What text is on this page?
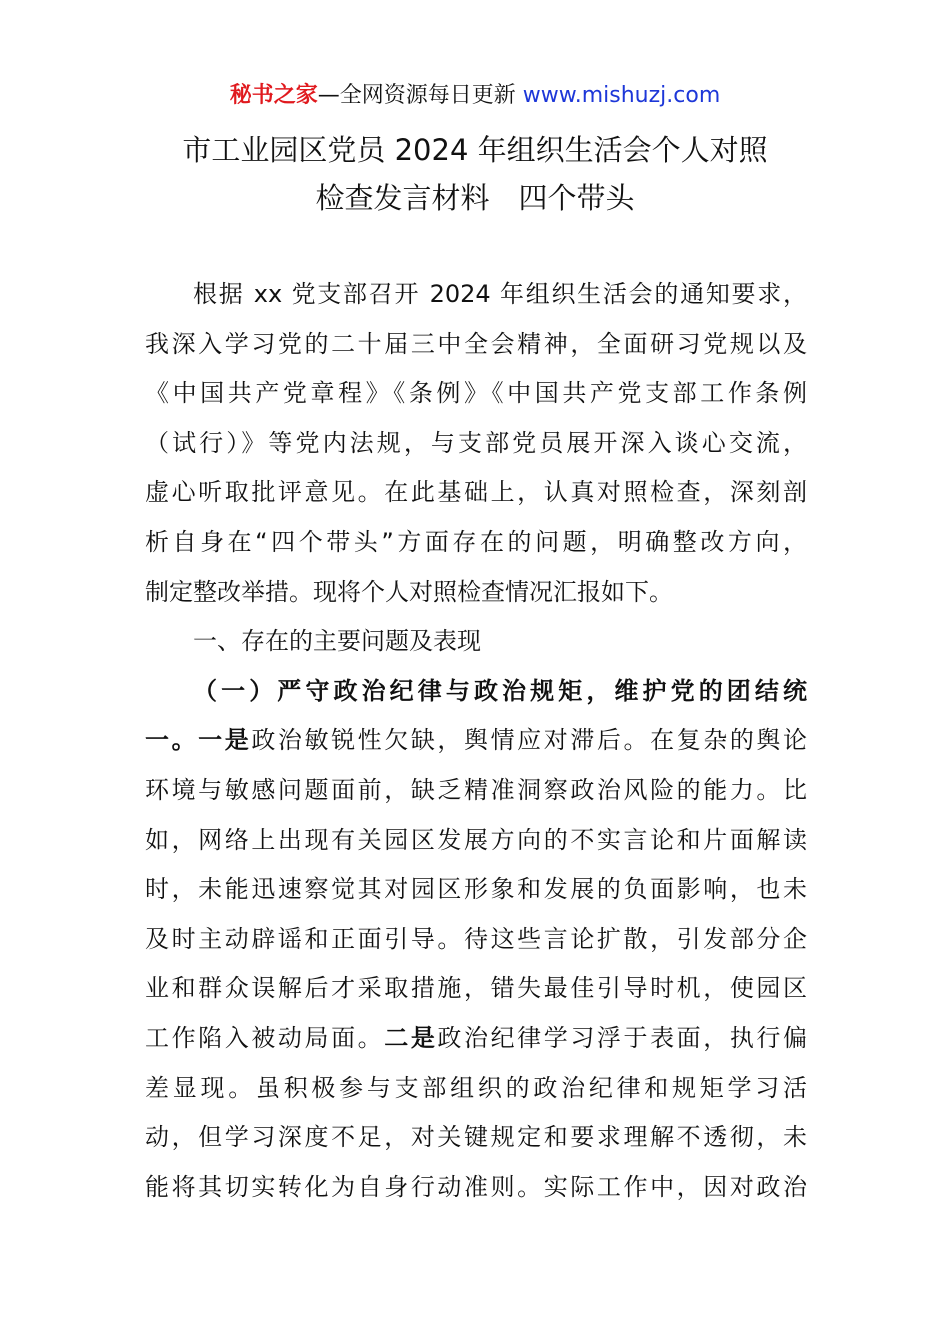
秘书之家—全网资源每日更新 www.mishuzj.com
市工业园区党员 2024 年组织生活会个人对照
检查发言材料　四个带头

根据 xx 党支部召开 2024 年组织生活会的通知要求，
我深入学习党的二十届三中全会精神，全面研习党规以及
《中国共产党章程》《条例》《中国共产党支部工作条例
（试行）》等党内法规，与支部党员展开深入谈心交流，
虚心听取批评意见。在此基础上，认真对照检查，深刻剖
析自身在“四个带头”方面存在的问题，明确整改方向，
制定整改举措。现将个人对照检查情况汇报如下。

一、存在的主要问题及表现

（一）严守政治纪律与政治规矩，维护党的团结统
一。一是政治敏锐性欠缺，舆情应对滞后。在复杂的舆论
环境与敏感问题面前，缺乏精准洞察政治风险的能力。比
如，网络上出现有关园区发展方向的不实言论和片面解读
时，未能迅速察觉其对园区形象和发展的负面影响，也未
及时主动辟谣和正面引导。待这些言论扩散，引发部分企
业和群众误解后才采取措施，错失最佳引导时机，使园区
工作陷入被动局面。二是政治纪律学习浮于表面，执行偏
差显现。虽积极参与支部组织的政治纪律和规矩学习活
动，但学习深度不足，对关键规定和要求理解不透彻，未
能将其切实转化为自身行动准则。实际工作中，因对政治
